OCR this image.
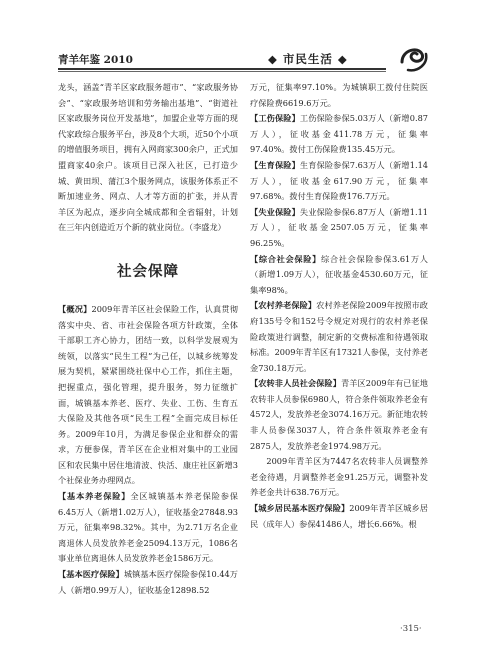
青羊年鉴 2010	◆ 市民生活 ◆

龙头，涵盖“青羊区家政服务超市”、“家政服务协会”、“家政服务培训和劳务输出基地”、“街道社区家政服务岗位开发基地”，加盟企业等方面的现代家政综合服务平台，涉及8个大项，近50个小项的增值服务项目，拥有入网商家300余户，正式加盟商家40余户。该项目已深入社区，已打造少城、黄田坝、蒲江3个服务网点，该服务体系正不断加速业务、网点、人才等方面的扩张，并从青羊区为起点，逐步向全城成都和全省辐射，计划在三年内创造近万个新的就业岗位。（李盛龙）

社会保障

【概况】2009年青羊区社会保险工作，认真贯彻落实中央、省、市社会保险各项方针政策，全体干部职工齐心协力，团结一致，以科学发展观为统领，以落实“民生工程”为己任，以城乡统筹发展为契机，紧紧围绕社保中心工作，抓住主题，把握重点，强化管理，提升服务，努力征缴扩面，城镇基本养老、医疗、失业、工伤、生育五大保险及其他各项“民生工程”全面完成目标任务。2009年10月，为满足参保企业和群众的需求，方便参保，青羊区在企业相对集中的工业园区和农民集中居住地清波、快活、康庄社区新增3个社保业务办理网点。

【基本养老保险】全区城镇基本养老保险参保6.45万人（新增1.02万人），征收基金27848.93万元，征集率98.32%。其中，为2.71万名企业离退休人员发放养老金25094.13万元，1086名事业单位离退休人员发放养老金1586万元。

【基本医疗保险】城镇基本医疗保险参保10.44万人（新增0.99万人），征收基金12898.52

万元，征集率97.10%。为城镇职工拨付住院医疗保险费6619.6万元。

【工伤保险】工伤保险参保5.03万人（新增0.87万人），征收基金411.78万元，征集率97.40%。拨付工伤保险费135.45万元。

【生育保险】生育保险参保7.63万人（新增1.14万人），征收基金617.90万元，征集率97.68%。拨付生育保险费176.7万元。

【失业保险】失业保险参保6.87万人（新增1.11万人），征收基金2507.05万元，征集率96.25%。

【综合社会保险】综合社会保险参保3.61万人（新增1.09万人），征收基金4530.60万元，征集率98%。

【农村养老保险】农村养老保险2009年按照市政府135号令和152号令规定对现行的农村养老保险政策进行调整，制定新的交费标准和待遇领取标准。2009年青羊区有17321人参保，支付养老金730.18万元。

【农转非人员社会保险】青羊区2009年有已征地农转非人员参保6980人，符合条件领取养老金有4572人，发放养老金3074.16万元。新征地农转非人员参保3037人，符合条件领取养老金有2875人，发放养老金1974.98万元。

2009年青羊区为7447名农转非人员调整养老金待遇，月调整养老金91.25万元，调整补发养老金共计638.76万元。

【城乡居民基本医疗保险】2009年青羊区城乡居民（成年人）参保41486人，增长6.66%。根

·315·
